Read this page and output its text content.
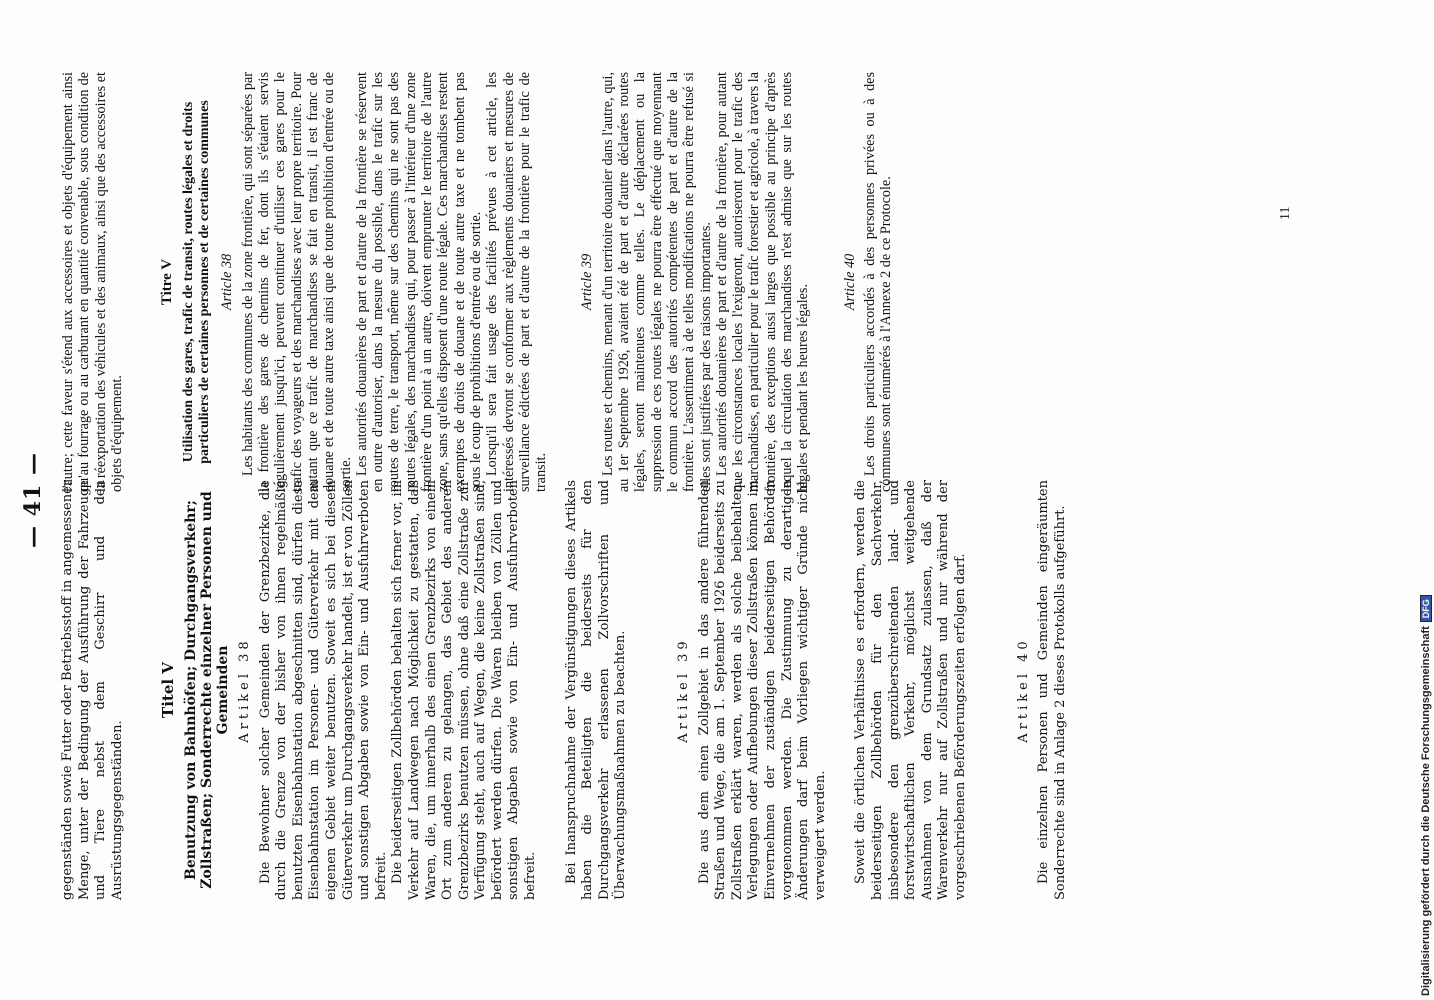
— 41 — gegenständen sowie Futter oder Betriebsstoff in angemessener Menge, unter der Bedingung der Ausführung der Fahrzeuge und Tiere nebst dem Geschirr und den Ausrüstungsgegenständen.

Titel V Benutzung von Bahnhöfen; Durchgangsverkehr; Zollstraßen; Sonderrechte einzelner Personen und Gemeinden Artikel 38 Die Bewohner solcher Gemeinden der Grenzbezirke, die durch die Grenze von der bisher von ihnen regelmäßig benutzten Eisenbahnstation abgeschnitten sind, dürfen diese Eisenbahnstation im Personen- und Güterverkehr mit dem eigenen Gebiet weiter benutzen. Soweit es sich bei diesem Güterverkehr um Durchgangsverkehr handelt, ist er von Zöllen und sonstigen Abgaben sowie von Ein- und Ausfuhrverboten befreit. Die beiderseitigen Zollbehörden behalten sich ferner vor, im Verkehr auf Landwegen nach Möglichkeit zu gestatten, daß Waren, die, um innerhalb des einen Grenzbezirks von einem Ort zum anderen zu gelangen, das Gebiet des anderen Grenzbezirks benutzen müssen, ohne daß eine Zollstraße zur Verfügung steht, auch auf Wegen, die keine Zollstraßen sind, befördert werden dürfen. Die Waren bleiben von Zöllen und sonstigen Abgaben sowie von Ein- und Ausfuhrverboten befreit. Bei Inanspruchnahme der Vergünstigungen dieses Artikels haben die Beteiligten die beiderseits für den Durchgangsverkehr erlassenen Zollvorschriften und Überwachungsmaßnahmen zu beachten.	Artikel 39 Die aus dem einen Zollgebiet in das andere führenden Straßen und Wege, die am 1. September 1926 beiderseits zu Zollstraßen erklärt waren, werden als solche beibehalten. Verlegungen oder Aufhebungen dieser Zollstraßen können im Einvernehmen der zuständigen beiderseitigen Behörden vorgenommen werden. Die Zustimmung zu derartigen Änderungen darf beim Vorliegen wichtiger Gründe nicht verweigert werden. Soweit die örtlichen Verhältnisse es erfordern, werden die beiderseitigen Zollbehörden für den Sachverkehr, insbesondere den grenzüberschreitenden land- und forstwirtschaftlichen Verkehr, möglichst weitgehende Ausnahmen von dem Grundsatz zulassen, daß der Warenverkehr nur auf Zollstraßen und nur während der vorgeschriebenen Beförderungszeiten erfolgen darf.	Artikel 40 Die einzelnen Personen und Gemeinden eingeräumten Sonderrechte sind in Anlage 2 dieses Protokolls aufgeführt.

l'autre; cette faveur s'étend aux accessoires et objets d'équipement ainsi qu'au fourrage ou au carburant en quantité convenable, sous condition de la réexportation des véhicules et des animaux, ainsi que des accessoires et objets d'équipement.

Titre V Utilisation des gares, trafic de transit, routes légales et droits particuliers de certaines personnes et de certaines communes Article 38 Les habitants des communes de la zone frontière, qui sont séparées par la frontière des gares de chemins de fer, dont ils s'étaient servis régulièrement jusqu'ici, peuvent continuer d'utiliser ces gares pour le trafic des voyageurs et des marchandises avec leur propre territoire. Pour autant que ce trafic de marchandises se fait en transit, il est franc de douane et de toute autre taxe ainsi que de toute prohibition d'entrée ou de sortie. Les autorités douanières de part et d'autre de la frontière se réservent en outre d'autoriser, dans la mesure du possible, dans le trafic sur les routes de terre, le transport, même sur des chemins qui ne sont pas des routes légales, des marchandises qui, pour passer à l'intérieur d'une zone frontière d'un point à un autre, doivent emprunter le territoire de l'autre zone, sans qu'elles disposent d'une route légale. Ces marchandises restent exemptes de droits de douane et de toute autre taxe et ne tombent pas sous le coup de prohibitions d'entrée ou de sortie. Lorsqu'il sera fait usage des facilités prévues à cet article, les intéressés devront se conformer aux règlements douaniers et mesures de surveillance édictées de part et d'autre de la frontière pour le trafic de transit.

Article 39 Les routes et chemins, menant d'un territoire douanier dans l'autre, qui, au 1er Septembre 1926, avaient été de part et d'autre déclarées routes légales, seront maintenues comme telles. Le déplacement ou la suppression de ces routes légales ne pourra être effectué que moyennant le commun accord des autorités compétentes de part et d'autre de la frontière. L'assentiment à de telles modifications ne pourra être refusé si elles sont justifiées par des raisons importantes. Les autorités douanières de part et d'autre de la frontière, pour autant que les circonstances locales l'exigeront, autoriseront pour le trafic des marchandises, en particulier pour le trafic forestier et agricole, à travers la frontière, des exceptions aussi larges que possible au principe d'après lequel la circulation des marchandises n'est admise que sur les routes légales et pendant les heures légales.

Article 40 Les droits particuliers accordés à des personnes privées ou à des communes sont énumérés à l'Annexe 2 de ce Protocole.	11
Digitalisierung gefördert durch die Deutsche Forschungsgemeinschaft
DFG
